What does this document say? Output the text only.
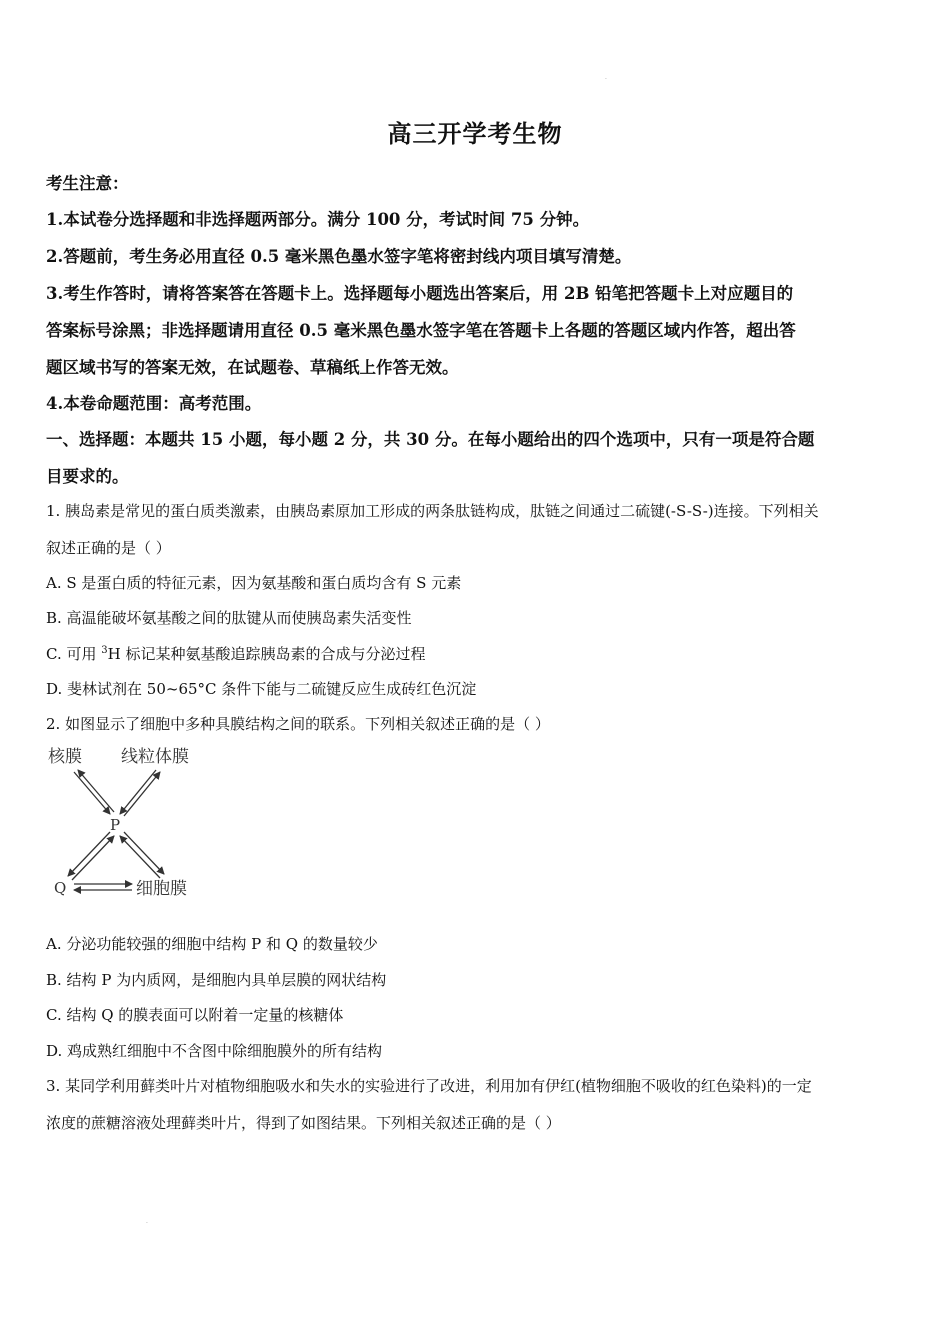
·
高三开学考生物
考生注意：
1.本试卷分选择题和非选择题两部分。满分 100 分，考试时间 75 分钟。
2.答题前，考生务必用直径 0.5 毫米黑色墨水签字笔将密封线内项目填写清楚。
3.考生作答时，请将答案答在答题卡上。选择题每小题选出答案后，用 2B 铅笔把答题卡上对应题目的
答案标号涂黑；非选择题请用直径 0.5 毫米黑色墨水签字笔在答题卡上各题的答题区域内作答，超出答
题区域书写的答案无效，在试题卷、草稿纸上作答无效。
4.本卷命题范围：高考范围。
一、选择题：本题共 15 小题，每小题 2 分，共 30 分。在每小题给出的四个选项中，只有一项是符合题
目要求的。
1. 胰岛素是常见的蛋白质类激素，由胰岛素原加工形成的两条肽链构成，肽链之间通过二硫键(-S-S-)连接。下列相关
叙述正确的是（ ）
A. S 是蛋白质的特征元素，因为氨基酸和蛋白质均含有 S 元素
B. 高温能破坏氨基酸之间的肽键从而使胰岛素失活变性
C. 可用 $^3$H 标记某种氨基酸追踪胰岛素的合成与分泌过程
D. 斐林试剂在 50~65°C 条件下能与二硫键反应生成砖红色沉淀
2. 如图显示了细胞中多种具膜结构之间的联系。下列相关叙述正确的是（ ）
核膜 线粒体膜
P
Q	细胞膜
A. 分泌功能较强的细胞中结构 P 和 Q 的数量较少
B. 结构 P 为内质网，是细胞内具单层膜的网状结构
C. 结构 Q 的膜表面可以附着一定量的核糖体
D. 鸡成熟红细胞中不含图中除细胞膜外的所有结构
3. 某同学利用藓类叶片对植物细胞吸水和失水的实验进行了改进，利用加有伊红(植物细胞不吸收的红色染料)的一定
浓度的蔗糖溶液处理藓类叶片，得到了如图结果。下列相关叙述正确的是（ ）
·
